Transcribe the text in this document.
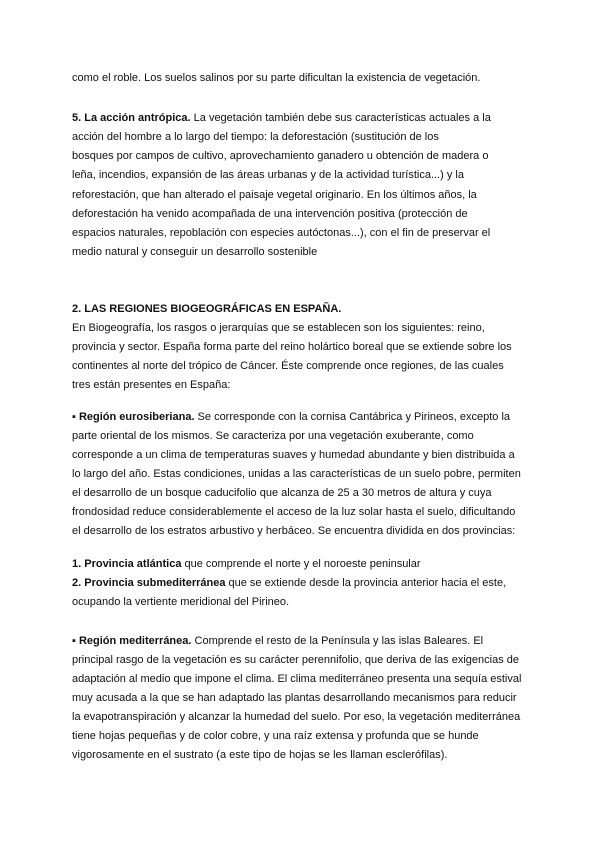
como el roble. Los suelos salinos por su parte dificultan la existencia de vegetación.
5. La acción antrópica. La vegetación también debe sus características actuales a la
acción del hombre a lo largo del tiempo: la deforestación (sustitución de los
bosques por campos de cultivo, aprovechamiento ganadero u obtención de madera o
leña, incendios, expansión de las áreas urbanas y de la actividad turística...) y la
reforestación, que han alterado el paisaje vegetal originario. En los últimos años, la
deforestación ha venido acompañada de una intervención positiva (protección de
espacios naturales, repoblación con especies autóctonas...), con el fin de preservar el
medio natural y conseguir un desarrollo sostenible
2. LAS REGIONES BIOGEOGRÁFICAS EN ESPAÑA.
En Biogeografía, los rasgos o jerarquías que se establecen son los siguientes: reino,
provincia y sector. España forma parte del reino holártico boreal que se extiende sobre los
continentes al norte del trópico de Cáncer. Éste comprende once regiones, de las cuales
tres están presentes en España:
▪ Región eurosiberiana. Se corresponde con la cornisa Cantábrica y Pirineos, excepto la
parte oriental de los mismos. Se caracteriza por una vegetación exuberante, como
corresponde a un clima de temperaturas suaves y humedad abundante y bien distribuida a
lo largo del año. Estas condiciones, unidas a las características de un suelo pobre, permiten
el desarrollo de un bosque caducifolio que alcanza de 25 a 30 metros de altura y cuya
frondosidad reduce considerablemente el acceso de la luz solar hasta el suelo, dificultando
el desarrollo de los estratos arbustivo y herbáceo. Se encuentra dividida en dos provincias:
1. Provincia atlántica que comprende el norte y el noroeste peninsular
2. Provincia submediterránea que se extiende desde la provincia anterior hacia el este,
ocupando la vertiente meridional del Pirineo.
▪ Región mediterránea. Comprende el resto de la Península y las islas Baleares. El
principal rasgo de la vegetación es su carácter perennifolio, que deriva de las exigencias de
adaptación al medio que impone el clima. El clima mediterráneo presenta una sequía estival
muy acusada a la que se han adaptado las plantas desarrollando mecanismos para reducir
la evapotranspiración y alcanzar la humedad del suelo. Por eso, la vegetación mediterránea
tiene hojas pequeñas y de color cobre, y una raíz extensa y profunda que se hunde
vigorosamente en el sustrato (a este tipo de hojas se les llaman esclerófilas).
